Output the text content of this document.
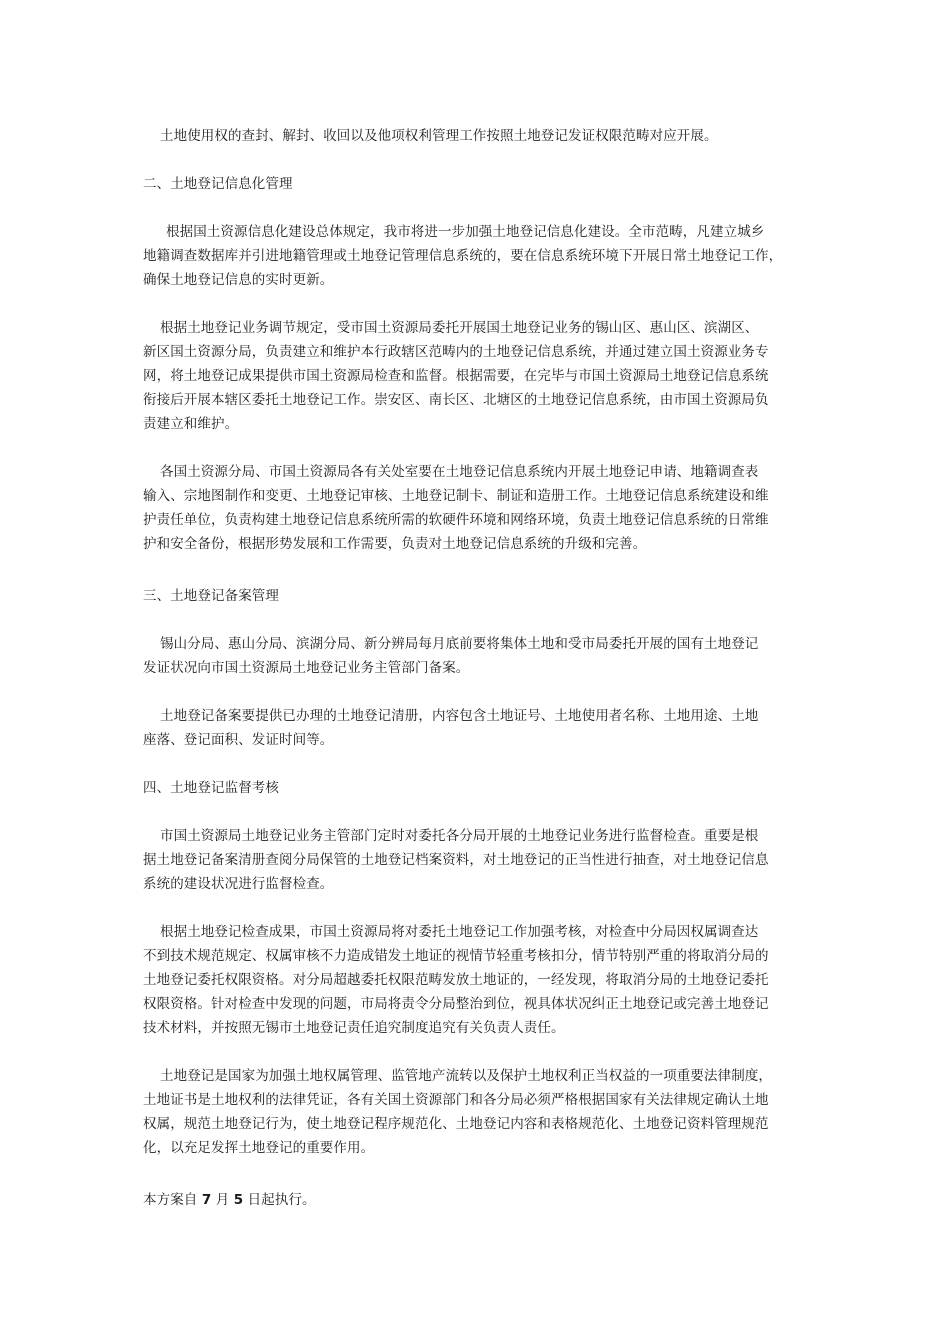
土地使用权的查封、解封、收回以及他项权利管理工作按照土地登记发证权限范畴对应开展。
二、土地登记信息化管理
根据国土资源信息化建设总体规定，我市将进一步加强土地登记信息化建设。全市范畴，凡建立城乡
地籍调查数据库并引进地籍管理或土地登记管理信息系统的，要在信息系统环境下开展日常土地登记工作，
确保土地登记信息的实时更新。
根据土地登记业务调节规定，受市国土资源局委托开展国土地登记业务的锡山区、惠山区、滨湖区、
新区国土资源分局，负责建立和维护本行政辖区范畴内的土地登记信息系统，并通过建立国土资源业务专
网，将土地登记成果提供市国土资源局检查和监督。根据需要，在完毕与市国土资源局土地登记信息系统
衔接后开展本辖区委托土地登记工作。崇安区、南长区、北塘区的土地登记信息系统，由市国土资源局负
责建立和维护。
各国土资源分局、市国土资源局各有关处室要在土地登记信息系统内开展土地登记申请、地籍调查表
输入、宗地图制作和变更、土地登记审核、土地登记制卡、制证和造册工作。土地登记信息系统建设和维
护责任单位，负责构建土地登记信息系统所需的软硬件环境和网络环境，负责土地登记信息系统的日常维
护和安全备份，根据形势发展和工作需要，负责对土地登记信息系统的升级和完善。
三、土地登记备案管理
锡山分局、惠山分局、滨湖分局、新分辨局每月底前要将集体土地和受市局委托开展的国有土地登记
发证状况向市国土资源局土地登记业务主管部门备案。
土地登记备案要提供已办理的土地登记清册，内容包含土地证号、土地使用者名称、土地用途、土地
座落、登记面积、发证时间等。
四、土地登记监督考核
市国土资源局土地登记业务主管部门定时对委托各分局开展的土地登记业务进行监督检查。重要是根
据土地登记备案清册查阅分局保管的土地登记档案资料，对土地登记的正当性进行抽查，对土地登记信息
系统的建设状况进行监督检查。
根据土地登记检查成果，市国土资源局将对委托土地登记工作加强考核，对检查中分局因权属调查达
不到技术规范规定、权属审核不力造成错发土地证的视情节轻重考核扣分，情节特别严重的将取消分局的
土地登记委托权限资格。对分局超越委托权限范畴发放土地证的，一经发现，将取消分局的土地登记委托
权限资格。针对检查中发现的问题，市局将责令分局整治到位，视具体状况纠正土地登记或完善土地登记
技术材料，并按照无锡市土地登记责任追究制度追究有关负责人责任。
土地登记是国家为加强土地权属管理、监管地产流转以及保护土地权利正当权益的一项重要法律制度，
土地证书是土地权利的法律凭证，各有关国土资源部门和各分局必须严格根据国家有关法律规定确认土地
权属，规范土地登记行为，使土地登记程序规范化、土地登记内容和表格规范化、土地登记资料管理规范
化，以充足发挥土地登记的重要作用。
本方案自 7 月 5 日起执行。
